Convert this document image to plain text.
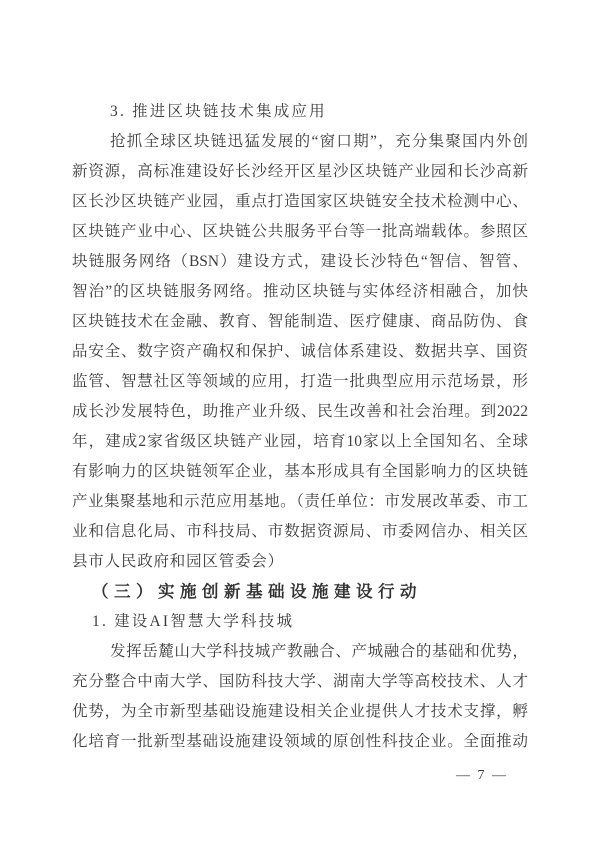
3. 推进区块链技术集成应用
抢抓全球区块链迅猛发展的“窗口期”，充分集聚国内外创
新资源，高标准建设好长沙经开区星沙区块链产业园和长沙高新
区长沙区块链产业园，重点打造国家区块链安全技术检测中心、
区块链产业中心、区块链公共服务平台等一批高端载体。参照区
块链服务网络（BSN）建设方式，建设长沙特色“智信、智管、
智治”的区块链服务网络。推动区块链与实体经济相融合，加快
区块链技术在金融、教育、智能制造、医疗健康、商品防伪、食
品安全、数字资产确权和保护、诚信体系建设、数据共享、国资
监管、智慧社区等领域的应用，打造一批典型应用示范场景，形
成长沙发展特色，助推产业升级、民生改善和社会治理。到2022
年，建成2家省级区块链产业园，培育10家以上全国知名、全球
有影响力的区块链领军企业，基本形成具有全国影响力的区块链
产业集聚基地和示范应用基地。（责任单位：市发展改革委、市工
业和信息化局、市科技局、市数据资源局、市委网信办、相关区
县市人民政府和园区管委会）
（三）实施创新基础设施建设行动
1. 建设AI智慧大学科技城
发挥岳麓山大学科技城产教融合、产城融合的基础和优势，
充分整合中南大学、国防科技大学、湖南大学等高校技术、人才
优势，为全市新型基础设施建设相关企业提供人才技术支撑，孵
化培育一批新型基础设施建设领域的原创性科技企业。全面推动
— 7 —
